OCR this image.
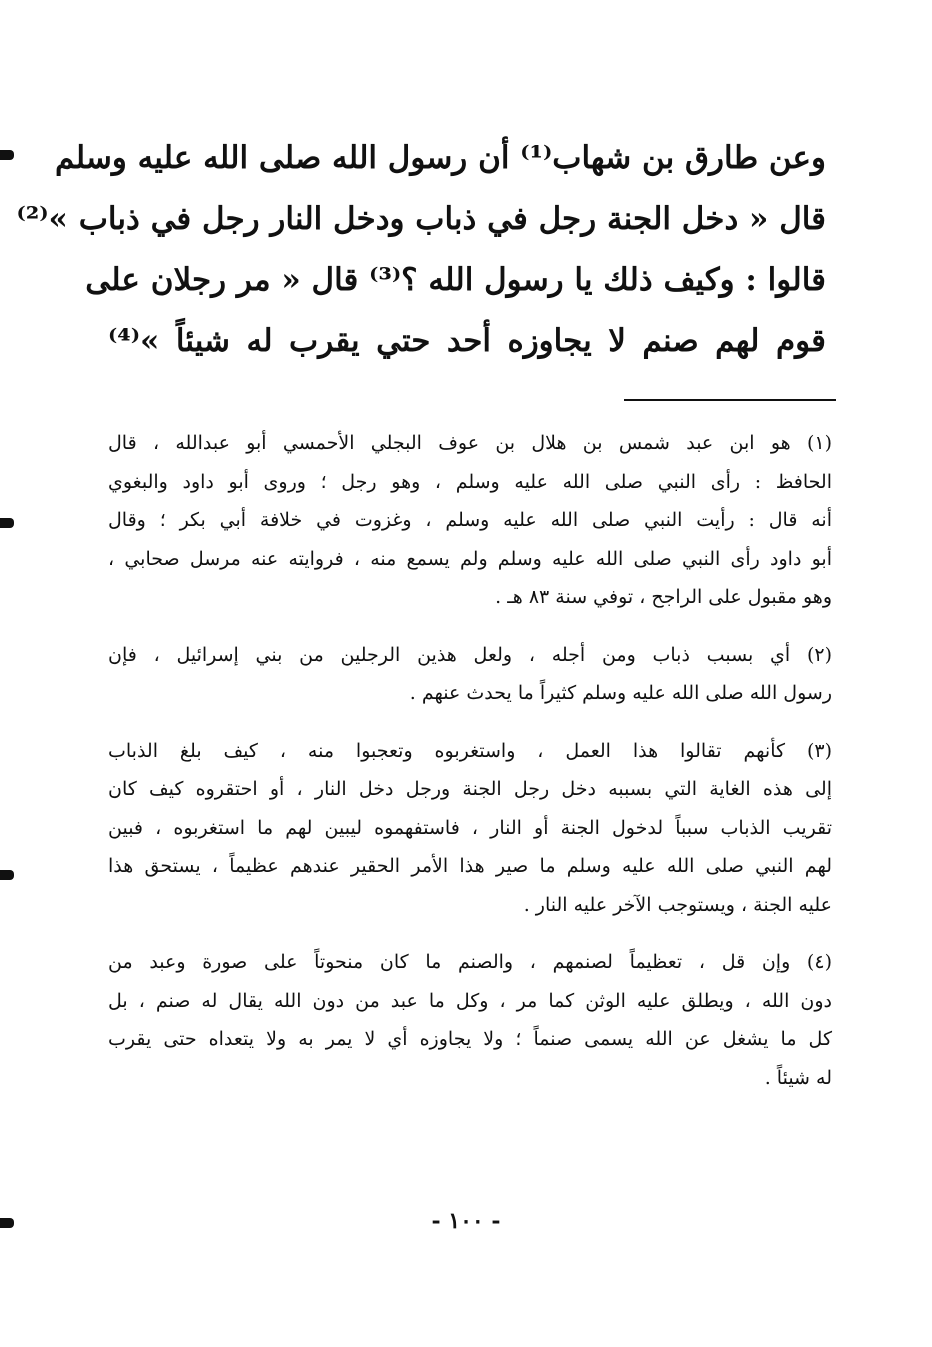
وعن طارق بن شهاب⁽¹⁾ أن رسول الله صلى الله عليه وسلم
قال « دخل الجنة رجل في ذباب ودخل النار رجل في ذباب »⁽²⁾
قالوا : وكيف ذلك يا رسول الله ؟⁽³⁾ قال « مر رجلان على
قوم لهم صنم لا يجاوزه أحد حتي يقرب له شيئاً »⁽⁴⁾
(١) هو ابن عبد شمس بن هلال بن عوف البجلي الأحمسي أبو عبدالله ، قال
الحافظ : رأى النبي صلى الله عليه وسلم ، وهو رجل ؛ وروى أبو داود والبغوي
أنه قال : رأيت النبي صلى الله عليه وسلم ، وغزوت في خلافة أبي بكر ؛ وقال
أبو داود رأى النبي صلى الله عليه وسلم ولم يسمع منه ، فروايته عنه مرسل صحابي ،
وهو مقبول على الراجح ، توفي سنة ٨٣ هـ .
(٢) أي بسبب ذباب ومن أجله ، ولعل هذين الرجلين من بني إسرائيل ، فإن
رسول الله صلى الله عليه وسلم كثيراً ما يحدث عنهم .
(٣) كأنهم تقالوا هذا العمل ، واستغربوه وتعجبوا منه ، كيف بلغ الذباب
إلى هذه الغاية التي بسببه دخل رجل الجنة ورجل دخل النار ، أو احتقروه كيف كان
تقريب الذباب سبباً لدخول الجنة أو النار ، فاستفهموه ليبين لهم ما استغربوه ، فبين
لهم النبي صلى الله عليه وسلم ما صير هذا الأمر الحقير عندهم عظيماً ، يستحق هذا
عليه الجنة ، ويستوجب الآخر عليه النار .
(٤) وإن قل ، تعظيماً لصنمهم ، والصنم ما كان منحوتاً على صورة وعبد من
دون الله ، ويطلق عليه الوثن كما مر ، وكل ما عبد من دون الله يقال له صنم ، بل
كل ما يشغل عن الله يسمى صنماً ؛ ولا يجاوزه أي لا يمر به ولا يتعداه حتى يقرب
له شيئاً .
- ١٠٠ -
